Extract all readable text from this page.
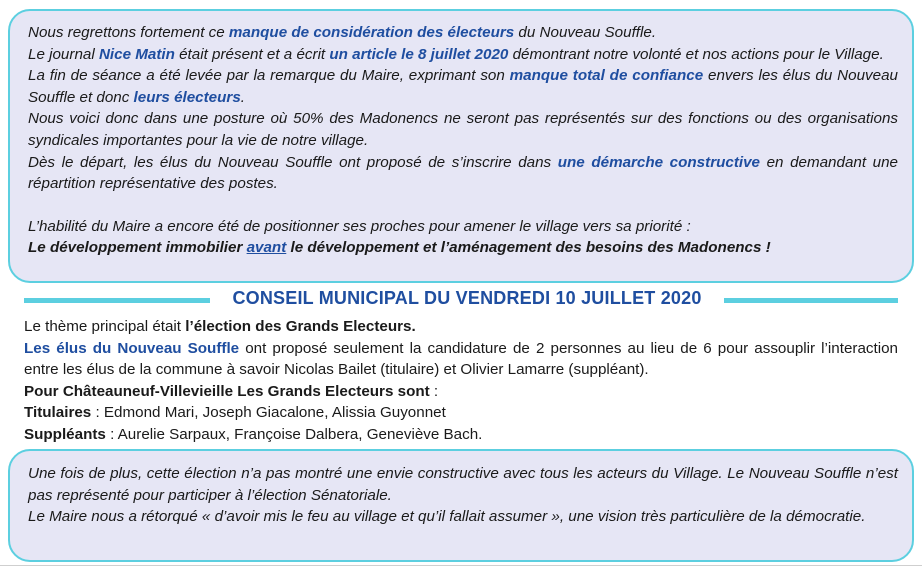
Nous regrettons fortement ce manque de considération des électeurs du Nouveau Souffle.

Le journal Nice Matin était présent et a écrit un article le 8 juillet 2020 démontrant notre volonté et nos actions pour le Village.

La fin de séance a été levée par la remarque du Maire, exprimant son manque total de confiance envers les élus du Nouveau Souffle et donc leurs électeurs.

Nous voici donc dans une posture où 50% des Madonencs ne seront pas représentés sur des fonctions ou des organisations syndicales importantes pour la vie de notre village.

Dès le départ, les élus du Nouveau Souffle ont proposé de s’inscrire dans une démarche constructive en demandant une répartition représentative des postes.

L’habilité du Maire a encore été de positionner ses proches pour amener le village vers sa priorité :

Le développement immobilier avant le développement et l’aménagement des besoins des Madonencs !

CONSEIL MUNICIPAL DU VENDREDI 10 JUILLET 2020

Le thème principal était l’élection des Grands Electeurs.

Les élus du Nouveau Souffle ont proposé seulement la candidature de 2 personnes au lieu de 6 pour assouplir l’interaction entre les élus de la commune à savoir Nicolas Bailet (titulaire) et Olivier Lamarre (suppléant).

Pour Châteauneuf-Villevieille Les Grands Electeurs sont :

Titulaires : Edmond Mari, Joseph Giacalone, Alissia Guyonnet

Suppléants : Aurelie Sarpaux, Françoise Dalbera, Geneviève Bach.

Une fois de plus, cette élection n’a pas montré une envie constructive avec tous les acteurs du Village. Le Nouveau Souffle n’est pas représenté pour participer à l’élection Sénatoriale.

Le Maire nous a rétorqué « d’avoir mis le feu au village et qu’il fallait assumer », une vision très particulière de la démocratie.
